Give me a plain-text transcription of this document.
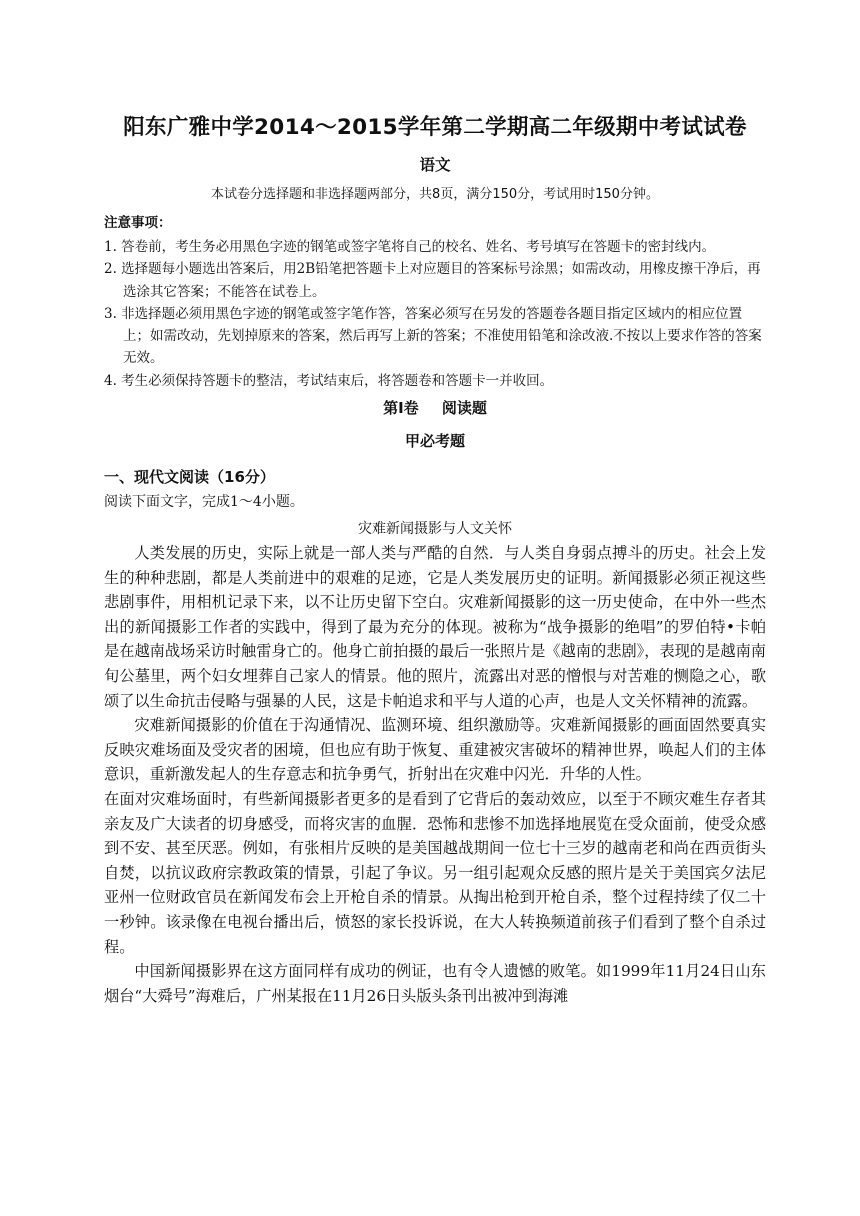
阳东广雅中学2014～2015学年第二学期高二年级期中考试试卷
语文
本试卷分选择题和非选择题两部分，共8页，满分150分，考试用时150分钟。
注意事项：
1. 答卷前，考生务必用黑色字迹的钢笔或签字笔将自己的校名、姓名、考号填写在答题卡的密封线内。
2. 选择题每小题选出答案后，用2B铅笔把答题卡上对应题目的答案标号涂黑；如需改动，用橡皮擦干净后，再选涂其它答案；不能答在试卷上。
3. 非选择题必须用黑色字迹的钢笔或签字笔作答，答案必须写在另发的答题卷各题目指定区域内的相应位置上；如需改动，先划掉原来的答案，然后再写上新的答案；不准使用铅笔和涂改液.不按以上要求作答的答案无效。
4. 考生必须保持答题卡的整洁，考试结束后，将答题卷和答题卡一并收回。
第Ⅰ卷 阅读题
甲必考题
一、现代文阅读（16分）
阅读下面文字，完成1～4小题。
灾难新闻摄影与人文关怀

人类发展的历史，实际上就是一部人类与严酷的自然．与人类自身弱点搏斗的历史。社会上发生的种种悲剧，都是人类前进中的艰难的足迹，它是人类发展历史的证明。新闻摄影必须正视这些悲剧事件，用相机记录下来，以不让历史留下空白。灾难新闻摄影的这一历史使命，在中外一些杰出的新闻摄影工作者的实践中，得到了最为充分的体现。被称为“战争摄影的绝唱”的罗伯特•卡帕是在越南战场采访时触雷身亡的。他身亡前拍摄的最后一张照片是《越南的悲剧》，表现的是越南南旬公墓里，两个妇女埋葬自己家人的情景。他的照片，流露出对恶的憎恨与对苦难的恻隐之心，歌颂了以生命抗击侵略与强暴的人民，这是卡帕追求和平与人道的心声，也是人文关怀精神的流露。

灾难新闻摄影的价值在于沟通情况、监测环境、组织激励等。灾难新闻摄影的画面固然要真实反映灾难场面及受灾者的困境，但也应有助于恢复、重建被灾害破坏的精神世界，唤起人们的主体意识，重新激发起人的生存意志和抗争勇气，折射出在灾难中闪光．升华的人性。

在面对灾难场面时，有些新闻摄影者更多的是看到了它背后的轰动效应，以至于不顾灾难生存者其亲友及广大读者的切身感受，而将灾害的血腥．恐怖和悲惨不加选择地展览在受众面前，使受众感到不安、甚至厌恶。例如，有张相片反映的是美国越战期间一位七十三岁的越南老和尚在西贡街头自焚，以抗议政府宗教政策的情景，引起了争议。另一组引起观众反感的照片是关于美国宾夕法尼亚州一位财政官员在新闻发布会上开枪自杀的情景。从掏出枪到开枪自杀，整个过程持续了仅二十一秒钟。该录像在电视台播出后，愤怒的家长投诉说，在大人转换频道前孩子们看到了整个自杀过程。

中国新闻摄影界在这方面同样有成功的例证，也有令人遗憾的败笔。如1999年11月24日山东烟台“大舜号”海难后，广州某报在11月26日头版头条刊出被冲到海滩
